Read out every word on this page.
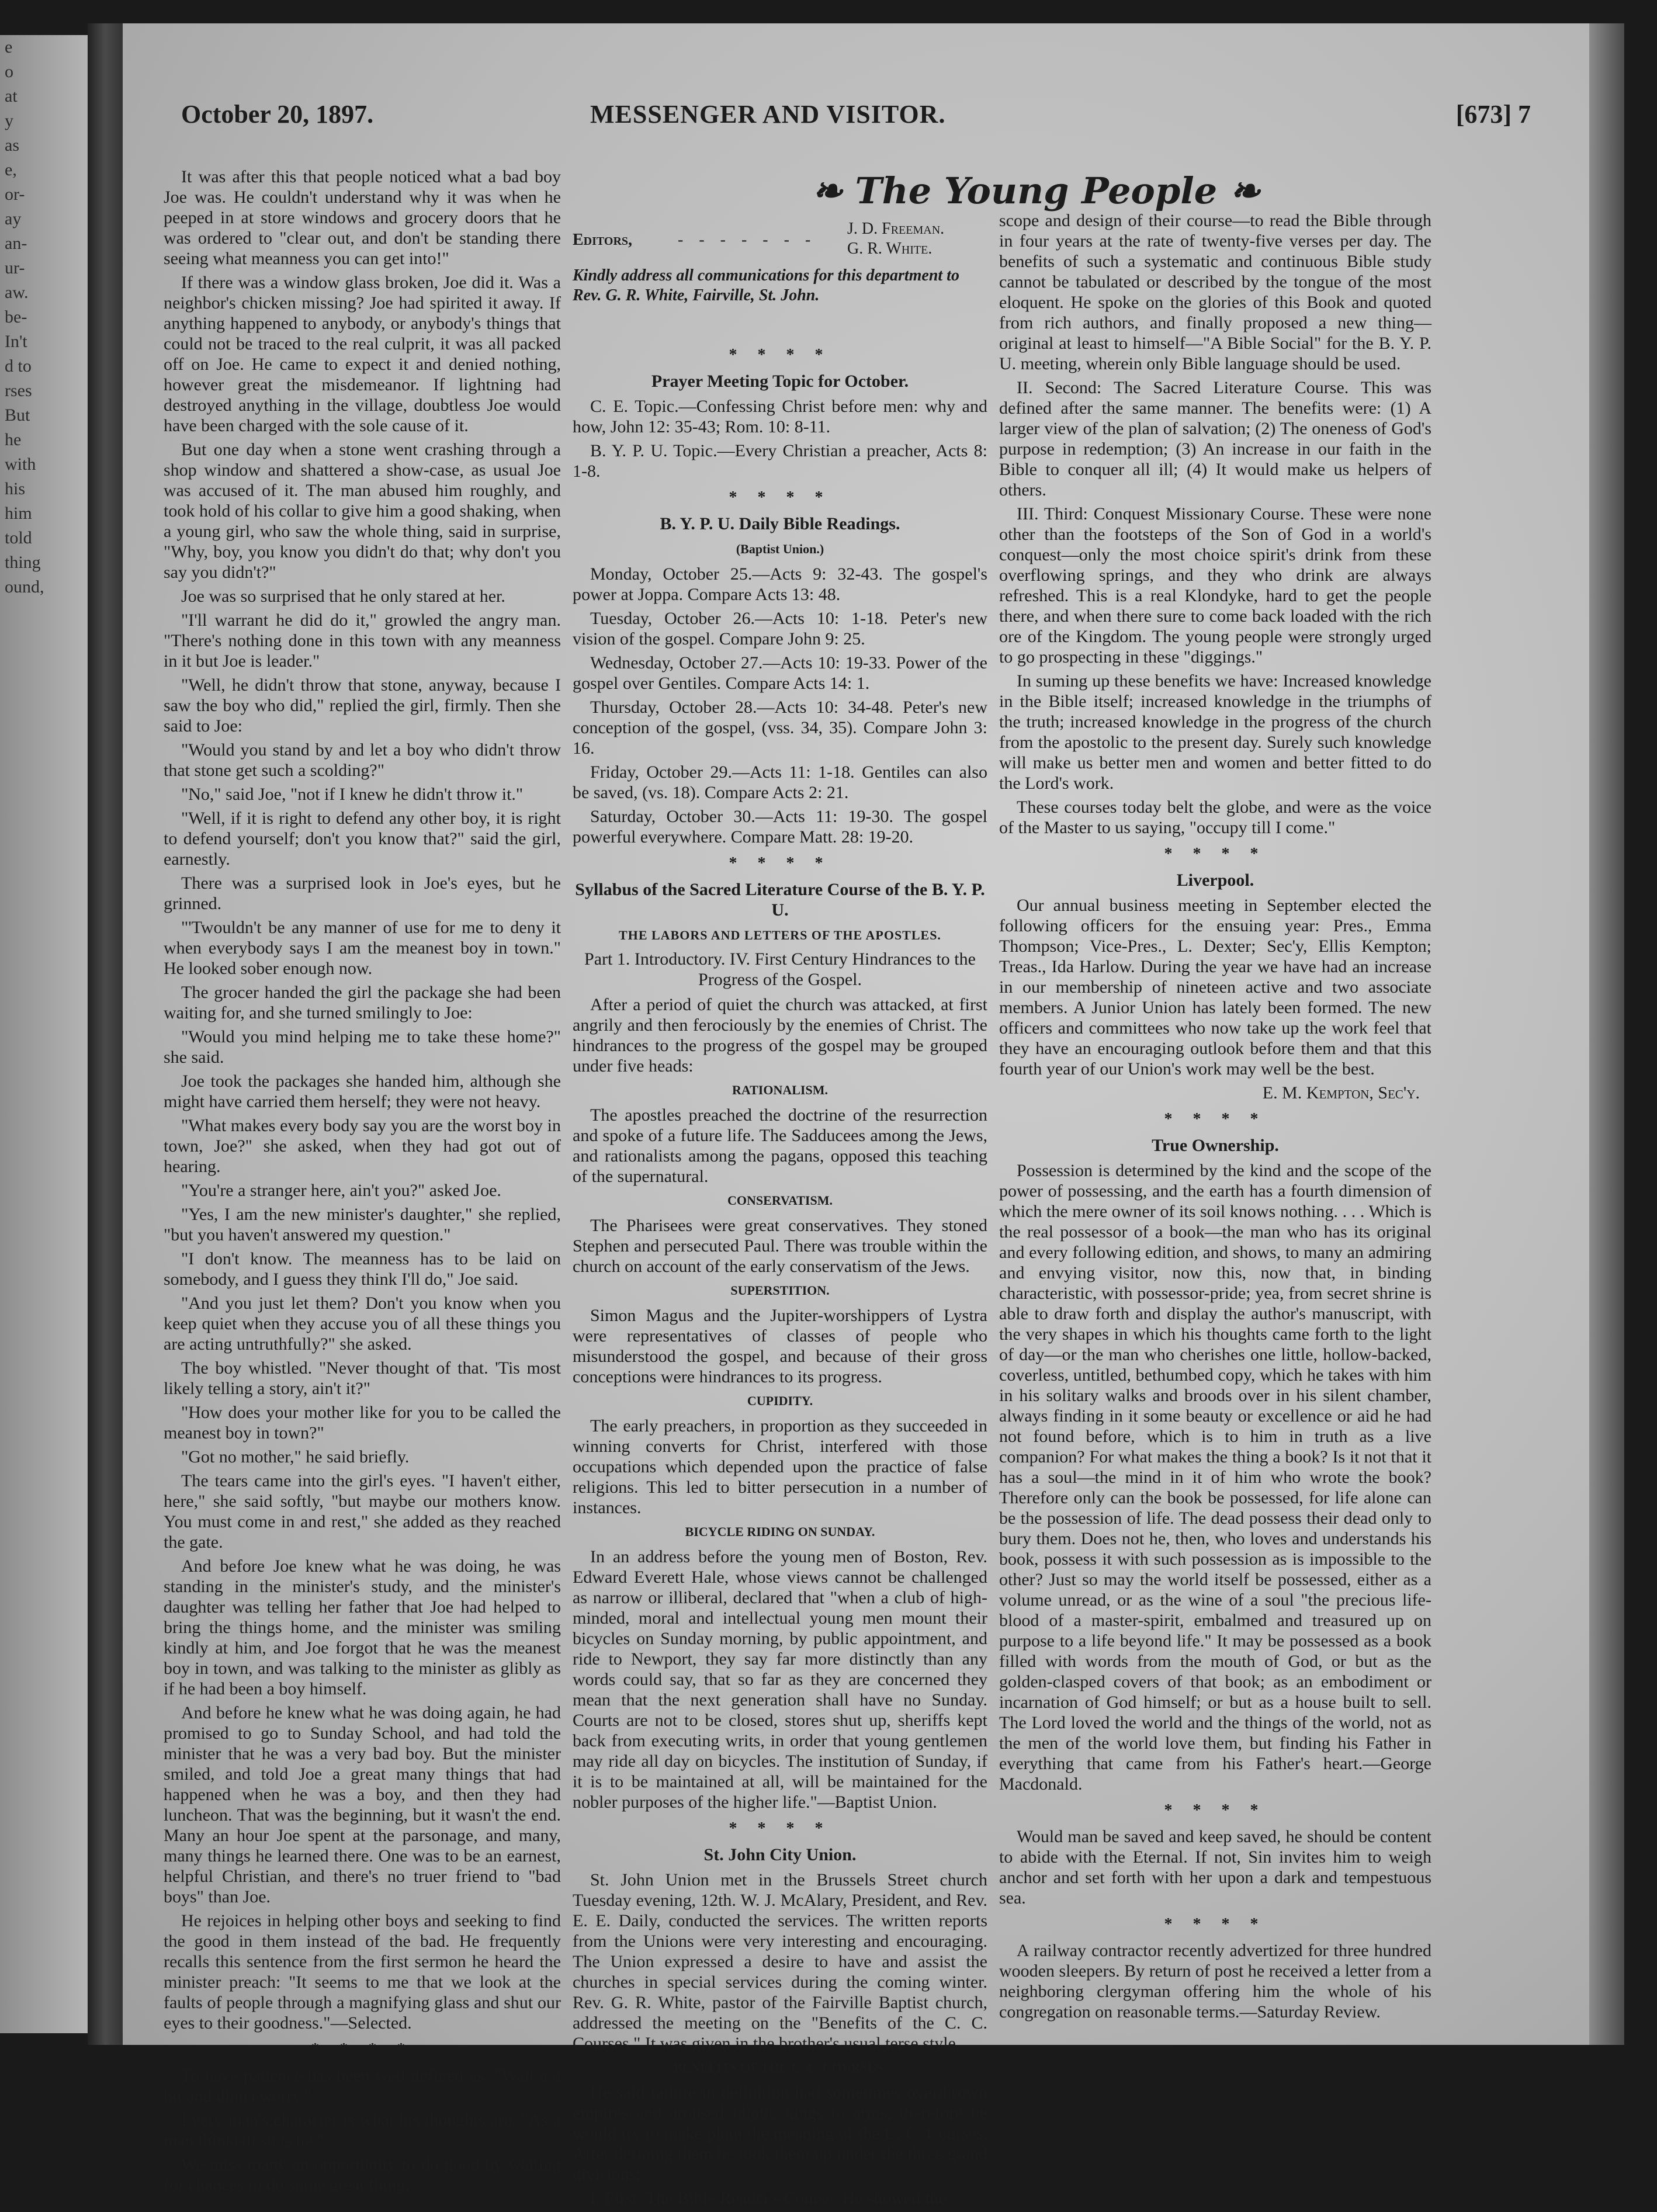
e
o
at
y
as
e,
or-
ay
an-
ur-
aw.
be-
In't
d to
rses
But
he
with
his
him
told
thing
ound,
October 20, 1897.	MESSENGER AND VISITOR.	[673] 7
❧ The Young People ❧
Editors,	- - - - - - -
J. D. Freeman.
G. R. White.
Kindly address all communications for this department to Rev. G. R. White, Fairville, St. John.

It was after this that people noticed what a bad boy Joe was. He couldn't understand why it was when he peeped in at store windows and grocery doors that he was ordered to "clear out, and don't be standing there seeing what meanness you can get into!"

If there was a window glass broken, Joe did it. Was a neighbor's chicken missing? Joe had spirited it away. If anything happened to anybody, or anybody's things that could not be traced to the real culprit, it was all packed off on Joe. He came to expect it and denied nothing, however great the misdemeanor. If lightning had destroyed anything in the village, doubtless Joe would have been charged with the sole cause of it.

But one day when a stone went crashing through a shop window and shattered a show-case, as usual Joe was accused of it. The man abused him roughly, and took hold of his collar to give him a good shaking, when a young girl, who saw the whole thing, said in surprise, "Why, boy, you know you didn't do that; why don't you say you didn't?"

Joe was so surprised that he only stared at her.

"I'll warrant he did do it," growled the angry man. "There's nothing done in this town with any meanness in it but Joe is leader."

"Well, he didn't throw that stone, anyway, because I saw the boy who did," replied the girl, firmly. Then she said to Joe:

"Would you stand by and let a boy who didn't throw that stone get such a scolding?"

"No," said Joe, "not if I knew he didn't throw it."

"Well, if it is right to defend any other boy, it is right to defend yourself; don't you know that?" said the girl, earnestly.

There was a surprised look in Joe's eyes, but he grinned.

"'Twouldn't be any manner of use for me to deny it when everybody says I am the meanest boy in town." He looked sober enough now.

The grocer handed the girl the package she had been waiting for, and she turned smilingly to Joe:

"Would you mind helping me to take these home?" she said.

Joe took the packages she handed him, although she might have carried them herself; they were not heavy.

"What makes every body say you are the worst boy in town, Joe?" she asked, when they had got out of hearing.

"You're a stranger here, ain't you?" asked Joe.

"Yes, I am the new minister's daughter," she replied, "but you haven't answered my question."

"I don't know. The meanness has to be laid on somebody, and I guess they think I'll do," Joe said.

"And you just let them? Don't you know when you keep quiet when they accuse you of all these things you are acting untruthfully?" she asked.

The boy whistled. "Never thought of that. 'Tis most likely telling a story, ain't it?"

"How does your mother like for you to be called the meanest boy in town?"

"Got no mother," he said briefly.

The tears came into the girl's eyes. "I haven't either, here," she said softly, "but maybe our mothers know. You must come in and rest," she added as they reached the gate.

And before Joe knew what he was doing, he was standing in the minister's study, and the minister's daughter was telling her father that Joe had helped to bring the things home, and the minister was smiling kindly at him, and Joe forgot that he was the meanest boy in town, and was talking to the minister as glibly as if he had been a boy himself.

And before he knew what he was doing again, he had promised to go to Sunday School, and had told the minister that he was a very bad boy. But the minister smiled, and told Joe a great many things that had happened when he was a boy, and then they had luncheon. That was the beginning, but it wasn't the end. Many an hour Joe spent at the parsonage, and many, many things he learned there. One was to be an earnest, helpful Christian, and there's no truer friend to "bad boys" than Joe.

He rejoices in helping other boys and seeking to find the good in them instead of the bad. He frequently recalls this sentence from the first sermon he heard the minister preach: "It seems to me that we look at the faults of people through a magnifying glass and shut our eyes to their goodness."—Selected.

* * * *

To have patience has been well defined as: "Wait a a bit and dinna worry."

Every man's character is what his thoughts are. "As a man thinketh so is he."

We miss many an opportunity to do good by waiting for chances to do some great thing.

* * * *
Prayer Meeting Topic for October.

C. E. Topic.—Confessing Christ before men: why and how, John 12: 35-43; Rom. 10: 8-11.

B. Y. P. U. Topic.—Every Christian a preacher, Acts 8: 1-8.

* * * *
B. Y. P. U. Daily Bible Readings.
(Baptist Union.)

Monday, October 25.—Acts 9: 32-43. The gospel's power at Joppa. Compare Acts 13: 48.

Tuesday, October 26.—Acts 10: 1-18. Peter's new vision of the gospel. Compare John 9: 25.

Wednesday, October 27.—Acts 10: 19-33. Power of the gospel over Gentiles. Compare Acts 14: 1.

Thursday, October 28.—Acts 10: 34-48. Peter's new conception of the gospel, (vss. 34, 35). Compare John 3: 16.

Friday, October 29.—Acts 11: 1-18. Gentiles can also be saved, (vs. 18). Compare Acts 2: 21.

Saturday, October 30.—Acts 11: 19-30. The gospel powerful everywhere. Compare Matt. 28: 19-20.

* * * *
Syllabus of the Sacred Literature Course of the B. Y. P. U.
THE LABORS AND LETTERS OF THE APOSTLES.
Part 1. Introductory. IV. First Century Hindrances to the Progress of the Gospel.

After a period of quiet the church was attacked, at first angrily and then ferociously by the enemies of Christ. The hindrances to the progress of the gospel may be grouped under five heads:

RATIONALISM.

The apostles preached the doctrine of the resurrection and spoke of a future life. The Sadducees among the Jews, and rationalists among the pagans, opposed this teaching of the supernatural.

CONSERVATISM.

The Pharisees were great conservatives. They stoned Stephen and persecuted Paul. There was trouble within the church on account of the early conservatism of the Jews.

SUPERSTITION.

Simon Magus and the Jupiter-worshippers of Lystra were representatives of classes of people who misunderstood the gospel, and because of their gross conceptions were hindrances to its progress.

CUPIDITY.

The early preachers, in proportion as they succeeded in winning converts for Christ, interfered with those occupations which depended upon the practice of false religions. This led to bitter persecution in a number of instances.

BICYCLE RIDING ON SUNDAY.

In an address before the young men of Boston, Rev. Edward Everett Hale, whose views cannot be challenged as narrow or illiberal, declared that "when a club of high-minded, moral and intellectual young men mount their bicycles on Sunday morning, by public appointment, and ride to Newport, they say far more distinctly than any words could say, that so far as they are concerned they mean that the next generation shall have no Sunday. Courts are not to be closed, stores shut up, sheriffs kept back from executing writs, in order that young gentlemen may ride all day on bicycles. The institution of Sunday, if it is to be maintained at all, will be maintained for the nobler purposes of the higher life."—Baptist Union.

* * * *
St. John City Union.

St. John Union met in the Brussels Street church Tuesday evening, 12th. W. J. McAlary, President, and Rev. E. E. Daily, conducted the services. The written reports from the Unions were very interesting and encouraging. The Union expressed a desire to have and assist the churches in special services during the coming winter. Rev. G. R. White, pastor of the Fairville Baptist church, addressed the meeting on the "Benefits of the C. C. Courses." It was given in the brother's usual terse style.

BENEFITS OF THE C. C. COURSES.

He said failure in definition had sometimes overthrown empires and aroused idiotic kings to arms, therefore he would try to make plain the meaning of the C. C. Courses. After defining them he took them up under the three grand divisions:

I. First: The Bible Reader's Course. He showed the

scope and design of their course—to read the Bible through in four years at the rate of twenty-five verses per day. The benefits of such a systematic and continuous Bible study cannot be tabulated or described by the tongue of the most eloquent. He spoke on the glories of this Book and quoted from rich authors, and finally proposed a new thing—original at least to himself—"A Bible Social" for the B. Y. P. U. meeting, wherein only Bible language should be used.

II. Second: The Sacred Literature Course. This was defined after the same manner. The benefits were: (1) A larger view of the plan of salvation; (2) The oneness of God's purpose in redemption; (3) An increase in our faith in the Bible to conquer all ill; (4) It would make us helpers of others.

III. Third: Conquest Missionary Course. These were none other than the footsteps of the Son of God in a world's conquest—only the most choice spirit's drink from these overflowing springs, and they who drink are always refreshed. This is a real Klondyke, hard to get the people there, and when there sure to come back loaded with the rich ore of the Kingdom. The young people were strongly urged to go prospecting in these "diggings."

In suming up these benefits we have: Increased knowledge in the Bible itself; increased knowledge in the triumphs of the truth; increased knowledge in the progress of the church from the apostolic to the present day. Surely such knowledge will make us better men and women and better fitted to do the Lord's work.

These courses today belt the globe, and were as the voice of the Master to us saying, "occupy till I come."

* * * *
Liverpool.

Our annual business meeting in September elected the following officers for the ensuing year: Pres., Emma Thompson; Vice-Pres., L. Dexter; Sec'y, Ellis Kempton; Treas., Ida Harlow. During the year we have had an increase in our membership of nineteen active and two associate members. A Junior Union has lately been formed. The new officers and committees who now take up the work feel that they have an encouraging outlook before them and that this fourth year of our Union's work may well be the best.

E. M. Kempton, Sec'y.
* * * *
True Ownership.

Possession is determined by the kind and the scope of the power of possessing, and the earth has a fourth dimension of which the mere owner of its soil knows nothing. . . . Which is the real possessor of a book—the man who has its original and every following edition, and shows, to many an admiring and envying visitor, now this, now that, in binding characteristic, with possessor-pride; yea, from secret shrine is able to draw forth and display the author's manuscript, with the very shapes in which his thoughts came forth to the light of day—or the man who cherishes one little, hollow-backed, coverless, untitled, bethumbed copy, which he takes with him in his solitary walks and broods over in his silent chamber, always finding in it some beauty or excellence or aid he had not found before, which is to him in truth as a live companion? For what makes the thing a book? Is it not that it has a soul—the mind in it of him who wrote the book? Therefore only can the book be possessed, for life alone can be the possession of life. The dead possess their dead only to bury them. Does not he, then, who loves and understands his book, possess it with such possession as is impossible to the other? Just so may the world itself be possessed, either as a volume unread, or as the wine of a soul "the precious life-blood of a master-spirit, embalmed and treasured up on purpose to a life beyond life." It may be possessed as a book filled with words from the mouth of God, or but as the golden-clasped covers of that book; as an embodiment or incarnation of God himself; or but as a house built to sell. The Lord loved the world and the things of the world, not as the men of the world love them, but finding his Father in everything that came from his Father's heart.—George Macdonald.

* * * *

Would man be saved and keep saved, he should be content to abide with the Eternal. If not, Sin invites him to weigh anchor and set forth with her upon a dark and tempestuous sea.

* * * *

A railway contractor recently advertized for three hundred wooden sleepers. By return of post he received a letter from a neighboring clergyman offering him the whole of his congregation on reasonable terms.—Saturday Review.
